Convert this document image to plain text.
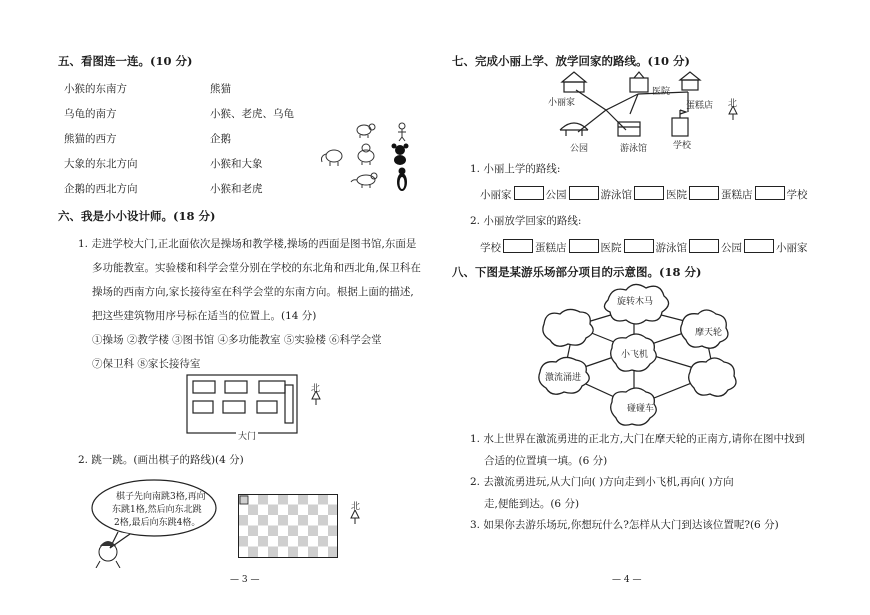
五、看图连一连。(10 分)
小猴的东南方
乌龟的南方
熊猫的西方
大象的东北方向
企鹅的西北方向
熊猫
小猴、老虎、乌龟
企鹅
小猴和大象
小猴和老虎
六、我是小小设计师。(18 分)
1. 走进学校大门,正北面依次是操场和教学楼,操场的西面是图书馆,东面是
多功能教室。实验楼和科学会堂分别在学校的东北角和西北角,保卫科在
操场的西南方向,家长接待室在科学会堂的东南方向。根据上面的描述,
把这些建筑物用序号标在适当的位置上。(14 分)
①操场 ②教学楼 ③图书馆 ④多功能教室 ⑤实验楼 ⑥科学会堂
⑦保卫科 ⑧家长接待室
大门
北
2. 跳一跳。(画出棋子的路线)(4 分)
棋子先向南跳3格,再向
东跳1格,然后向东北跳
2格,最后向东跳4格。
北
— 3 —
七、完成小丽上学、放学回家的路线。(10 分)
小丽家
医院
蛋糕店
公园	游泳馆	学校
北
1. 小丽上学的路线:
小丽家	公园	游泳馆	医院	蛋糕店	学校
2. 小丽放学回家的路线:
学校	蛋糕店	医院	游泳馆	公园	小丽家
八、下图是某游乐场部分项目的示意图。(18 分)
旋转木马
摩天轮
小飞机
激流涌进
碰碰车
1. 水上世界在激流勇进的正北方,大门在摩天轮的正南方,请你在图中找到
合适的位置填一填。(6 分)
2. 去激流勇进玩,从大门向( )方向走到小飞机,再向( )方向
走,便能到达。(6 分)
3. 如果你去游乐场玩,你想玩什么?怎样从大门到达该位置呢?(6 分)
— 4 —
